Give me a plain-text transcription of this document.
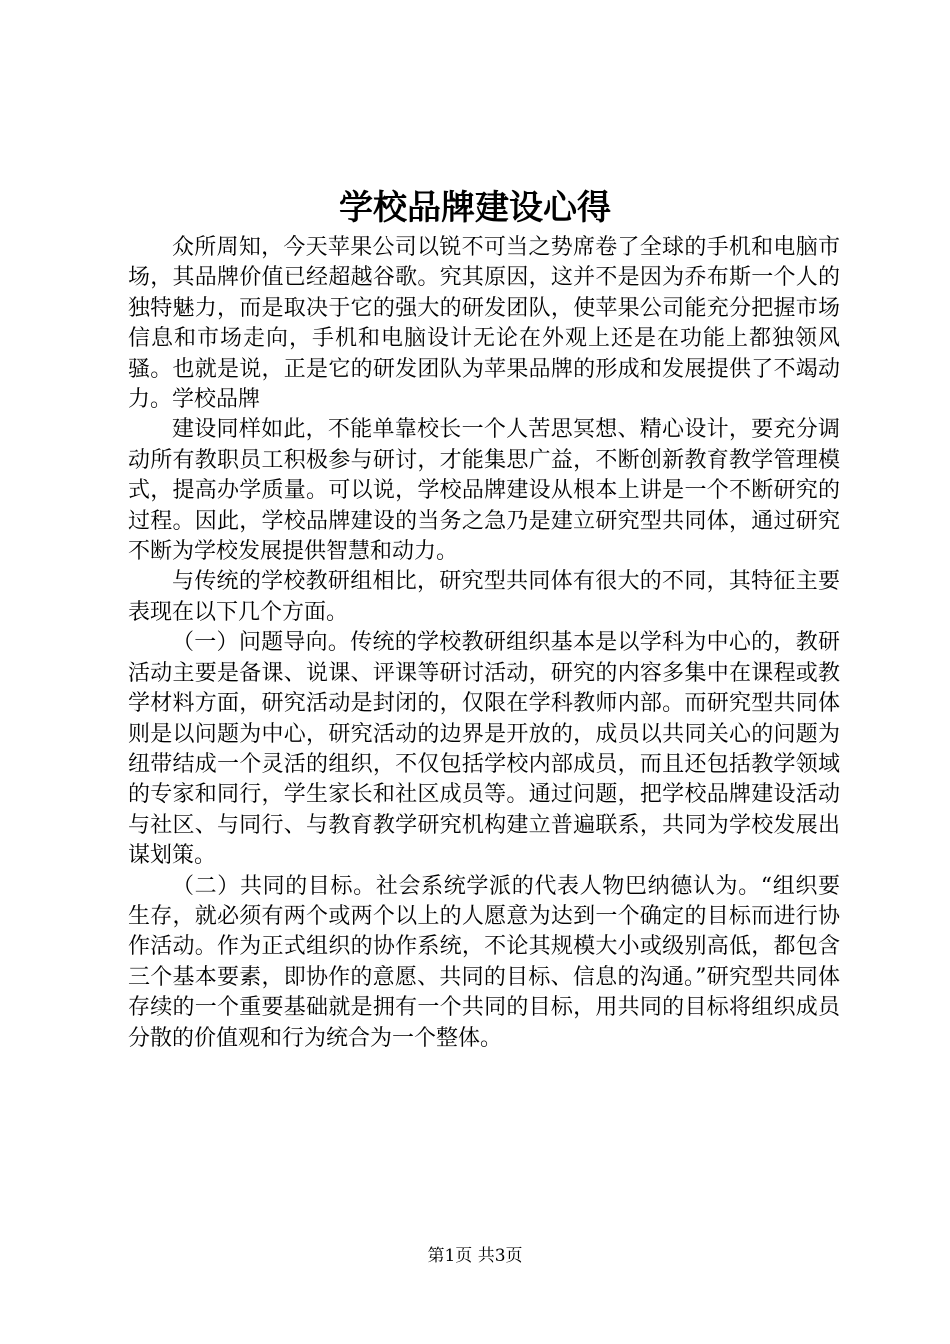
学校品牌建设心得

众所周知，今天苹果公司以锐不可当之势席卷了全球的手机和电脑市场，其品牌价值已经超越谷歌。究其原因，这并不是因为乔布斯一个人的独特魅力，而是取决于它的强大的研发团队，使苹果公司能充分把握市场信息和市场走向，手机和电脑设计无论在外观上还是在功能上都独领风骚。也就是说，正是它的研发团队为苹果品牌的形成和发展提供了不竭动力。学校品牌

建设同样如此，不能单靠校长一个人苦思冥想、精心设计，要充分调动所有教职员工积极参与研讨，才能集思广益，不断创新教育教学管理模式，提高办学质量。可以说，学校品牌建设从根本上讲是一个不断研究的过程。因此，学校品牌建设的当务之急乃是建立研究型共同体，通过研究不断为学校发展提供智慧和动力。

与传统的学校教研组相比，研究型共同体有很大的不同，其特征主要表现在以下几个方面。

（一）问题导向。传统的学校教研组织基本是以学科为中心的，教研活动主要是备课、说课、评课等研讨活动，研究的内容多集中在课程或教学材料方面，研究活动是封闭的，仅限在学科教师内部。而研究型共同体则是以问题为中心，研究活动的边界是开放的，成员以共同关心的问题为纽带结成一个灵活的组织，不仅包括学校内部成员，而且还包括教学领域的专家和同行，学生家长和社区成员等。通过问题，把学校品牌建设活动与社区、与同行、与教育教学研究机构建立普遍联系，共同为学校发展出谋划策。

（二）共同的目标。社会系统学派的代表人物巴纳德认为。“组织要生存，就必须有两个或两个以上的人愿意为达到一个确定的目标而进行协作活动。作为正式组织的协作系统，不论其规模大小或级别高低，都包含三个基本要素，即协作的意愿、共同的目标、信息的沟通。”研究型共同体存续的一个重要基础就是拥有一个共同的目标，用共同的目标将组织成员分散的价值观和行为统合为一个整体。

第1页 共3页
